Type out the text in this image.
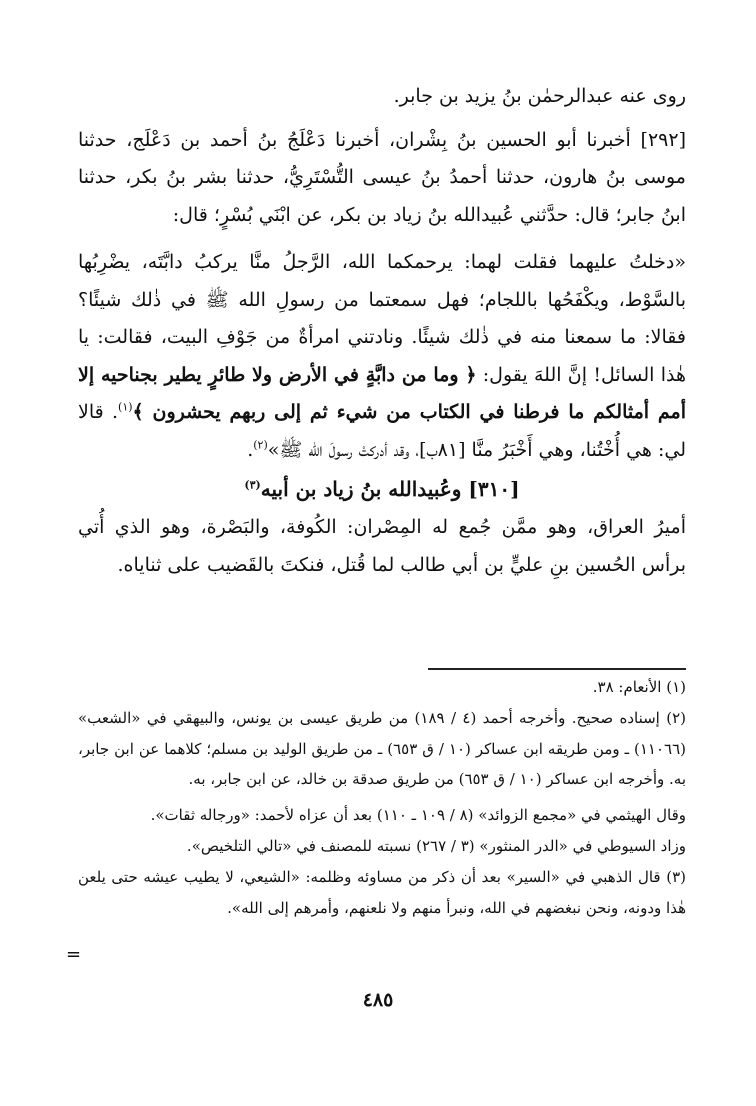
روى عنه عبدالرحمٰن بنُ يزيد بن جابر.

[٢٩٢] أخبرنا أبو الحسين بنُ بِشْران، أخبرنا دَعْلَجُ بنُ أحمد بن دَعْلَج، حدثنا موسى بنُ هارون، حدثنا أحمدُ بنُ عيسى التُّسْتَرِيُّ، حدثنا بشر بنُ بكر، حدثنا ابنُ جابر؛ قال: حدَّثني عُبيدالله بنُ زياد بن بكر، عن ابْنَي بُسْرٍ؛ قال:

«دخلتُ عليهما فقلت لهما: يرحمكما الله، الرَّجلُ منَّا يركبُ دابَّتَه، يضْرِبُها بالسَّوْط، ويكْفَحُها باللجام؛ فهل سمعتما من رسولِ الله ﷺ في ذٰلك شيئًا؟ فقالا: ما سمعنا منه في ذٰلك شيئًا. ونادتني امرأةٌ من جَوْفِ البيت، فقالت: يا هٰذا السائل! إنَّ اللهَ يقول: ﴿ وما من دابَّةٍ في الأرض ولا طائرٍ يطير بجناحيه إلا أمم أمثالكم ما فرطنا في الكتاب من شيء ثم إلى ربهم يحشرون ﴾$^{(١)}$. قالا لي: هي أُخْتُنا، وهي أَخْبَرُ منَّا [٨١ب]، وقد أدركتْ رسولَ الله ﷺ»$^{(٢)}$.

[٣١٠] وعُبيدالله بنُ زياد بن أبيه$^{(٣)}$

أميرُ العراق، وهو ممَّن جُمع له المِصْران: الكُوفة، والبَصْرة، وهو الذي أُتي برأس الحُسين بنِ عليٍّ بن أبي طالب لما قُتل، فنكتَ بالقَضيب على ثناياه.

(١) الأنعام: ٣٨.

(٢) إسناده صحيح. وأخرجه أحمد (٤ / ١٨٩) من طريق عيسى بن يونس، والبيهقي في «الشعب» (١١٠٦٦) ـ ومن طريقه ابن عساكر (١٠ / ق ٦٥٣) ـ من طريق الوليد بن مسلم؛ كلاهما عن ابن جابر، به. وأخرجه ابن عساكر (١٠ / ق ٦٥٣) من طريق صدقة بن خالد، عن ابن جابر، به.

وقال الهيثمي في «مجمع الزوائد» (٨ / ١٠٩ ـ ١١٠) بعد أن عزاه لأحمد: «ورجاله ثقات».

وزاد السيوطي في «الدر المنثور» (٣ / ٢٦٧) نسبته للمصنف في «تالي التلخيص».

(٣) قال الذهبي في «السير» بعد أن ذكر من مساوئه وظلمه: «الشيعي، لا يطيب عيشه حتى يلعن هٰذا ودونه، ونحن نبغضهم في الله، ونبرأ منهم ولا نلعنهم، وأمرهم إلى الله».

=
٤٨٥
